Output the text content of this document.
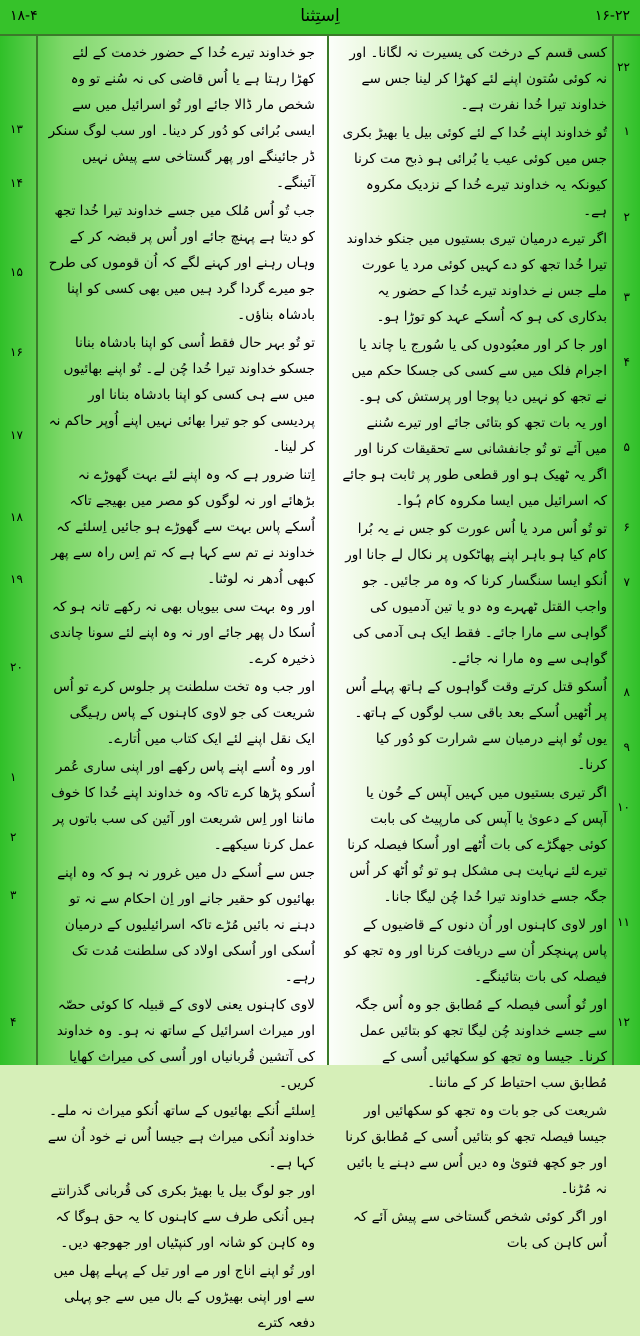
۱۸-۴	اِستِثنا	۱۶-۲۲

کسی قسم کے درخت کی یسیرت نہ لگانا۔ اور نہ کوئی سُتون اپنے لئے کھڑا کر لینا جس سے خداوند تیرا خُدا نفرت ہے۔

تُو خداوند اپنے خُدا کے لئے کوئی بیل یا بھیڑ بکری جس میں کوئی عیب یا بُرائی ہو ذبح مت کرنا کیونکہ یہ خداوند تیرے خُدا کے نزدیک مکروہ ہے۔

اگر تیرے درمیان تیری بستیوں میں جنکو خداوند تیرا خُدا تجھ کو دے کہیں کوئی مرد یا عورت ملے جس نے خداوند تیرے خُدا کے حضور یہ بدکاری کی ہو کہ اُسکے عہد کو توڑا ہو۔

اور جا کر اور معبُودوں کی یا سُورج یا چاند یا اجرام فلک میں سے کسی کی جسکا حکم میں نے تجھ کو نہیں دیا پوجا اور پرستش کی ہو۔ اور یہ بات تجھ کو بتائی جائے اور تیرے سُننے میں آئے تو تُو جانفشانی سے تحقیقات کرنا اور اگر یہ ٹھیک ہو اور قطعی طور پر ثابت ہو جائے کہ اسرائیل میں ایسا مکروہ کام ہُوا۔

تو تُو اُس مرد یا اُس عورت کو جس نے یہ بُرا کام کیا ہو باہر اپنے پھاٹکوں پر نکال لے جانا اور اُنکو ایسا سنگسار کرنا کہ وہ مر جائیں۔ جو واجب القتل ٹھہرے وہ دو یا تین آدمیوں کی گواہی سے مارا جائے۔ فقط ایک ہی آدمی کی گواہی سے وہ مارا نہ جائے۔

اُسکو قتل کرتے وقت گواہوں کے ہاتھ پہلے اُس پر اُٹھیں اُسکے بعد باقی سب لوگوں کے ہاتھ۔ یوں تُو اپنے درمیان سے شرارت کو دُور کیا کرنا۔

اگر تیری بستیوں میں کہیں آپس کے خُون یا آپس کے دعویٰ یا آپس کی مارپیٹ کی بابت کوئی جھگڑے کی بات اُٹھے اور اُسکا فیصلہ کرنا تیرے لئے نہایت ہی مشکل ہو تو تُو اُٹھ کر اُس جگہ جسے خداوند تیرا خُدا چُن لیگا جانا۔

اور لاوی کاہنوں اور اُن دنوں کے قاضیوں کے پاس پہنچکر اُن سے دریافت کرنا اور وہ تجھ کو فیصلہ کی بات بتائینگے۔

اور تُو اُسی فیصلہ کے مُطابق جو وہ اُس جگہ سے جسے خداوند چُن لیگا تجھ کو بتائیں عمل کرنا۔ جیسا وہ تجھ کو سکھائیں اُسی کے مُطابق سب احتیاط کر کے ماننا۔

شریعت کی جو بات وہ تجھ کو سکھائیں اور جیسا فیصلہ تجھ کو بتائیں اُسی کے مُطابق کرنا اور جو کچھ فتویٰ وہ دیں اُس سے دہنے یا بائیں نہ مُڑنا۔

اور اگر کوئی شخص گستاخی سے پیش آئے کہ اُس کاہن کی بات

جو خداوند تیرے خُدا کے حضور خدمت کے لئے کھڑا رہتا ہے یا اُس قاضی کی نہ سُنے تو وہ شخص مار ڈالا جائے اور تُو اسرائیل میں سے ایسی بُرائی کو دُور کر دینا۔ اور سب لوگ سنکر ڈر جائینگے اور پھر گستاخی سے پیش نہیں آئینگے۔

جب تُو اُس مُلک میں جسے خداوند تیرا خُدا تجھ کو دیتا ہے پہنچ جائے اور اُس پر قبضہ کر کے وہاں رہنے اور کہنے لگے کہ اُن قوموں کی طرح جو میرے گردا گرد ہیں میں بھی کسی کو اپنا بادشاہ بناؤں۔

تو تُو بہر حال فقط اُسی کو اپنا بادشاہ بنانا جسکو خداوند تیرا خُدا چُن لے۔ تُو اپنے بھائیوں میں سے ہی کسی کو اپنا بادشاہ بنانا اور پردیسی کو جو تیرا بھائی نہیں اپنے اُوپر حاکم نہ کر لینا۔

اِتنا ضرور ہے کہ وہ اپنے لئے بہت گھوڑے نہ بڑھائے اور نہ لوگوں کو مصر میں بھیجے تاکہ اُسکے پاس بہت سے گھوڑے ہو جائیں اِسلئے کہ خداوند نے تم سے کہا ہے کہ تم اِس راہ سے پھر کبھی اُدھر نہ لوٹنا۔

اور وہ بہت سی بیویاں بھی نہ رکھے تانہ ہو کہ اُسکا دل پھر جائے اور نہ وہ اپنے لئے سونا چاندی ذخیرہ کرے۔

اور جب وہ تخت سلطنت پر جلوس کرے تو اُس شریعت کی جو لاوی کاہنوں کے پاس رہیگی ایک نقل اپنے لئے ایک کتاب میں اُتارے۔

اور وہ اُسے اپنے پاس رکھے اور اپنی ساری عُمر اُسکو پڑھا کرے تاکہ وہ خداوند اپنے خُدا کا خوف ماننا اور اِس شریعت اور آئین کی سب باتوں پر عمل کرنا سیکھے۔

جس سے اُسکے دل میں غرور نہ ہو کہ وہ اپنے بھائیوں کو حقیر جانے اور اِن احکام سے نہ تو دہنے نہ بائیں مُڑے تاکہ اسرائیلیوں کے درمیان اُسکی اور اُسکی اولاد کی سلطنت مُدت تک رہے۔

لاوی کاہنوں یعنی لاوی کے قبیلہ کا کوئی حصّہ اور میراث اسرائیل کے ساتھ نہ ہو۔ وہ خداوند کی آتشین قُربانیاں اور اُسی کی میراث کھایا کریں۔

اِسلئے اُنکے بھائیوں کے ساتھ اُنکو میراث نہ ملے۔ خداوند اُنکی میراث ہے جیسا اُس نے خود اُن سے کہا ہے۔

اور جو لوگ بیل یا بھیڑ بکری کی قُربانی گذرانتے ہیں اُنکی طرف سے کاہنوں کا یہ حق ہوگا کہ وہ کاہن کو شانہ اور کنپٹیاں اور جھوجھ دیں۔

اور تُو اپنے اناج اور مے اور تیل کے پہلے پھل میں سے اور اپنی بھیڑوں کے بال میں سے جو پہلی دفعہ کترے

۲۲
۱
۲
۳
۴
۵
۶
۷
۸
۹
۱۰
۱۱
۱۲
۱۳
۱۴
۱۵
۱۶
۱۷
۱۸
۱۹
۲۰
۱
۲
۳
۴
